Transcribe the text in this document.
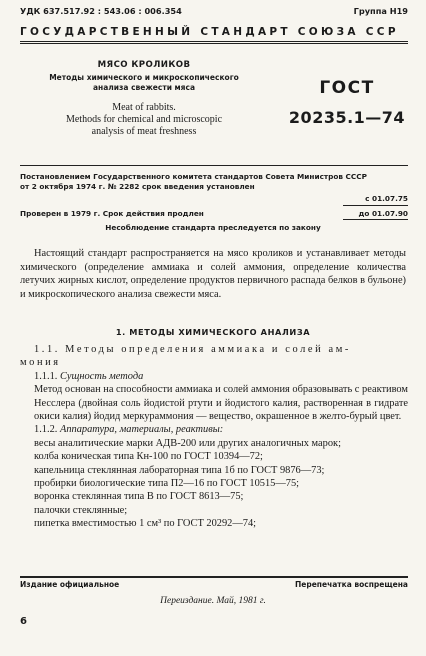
УДК 637.517.92 : 543.06 : 006.354	Группа Н19
ГОСУДАРСТВЕННЫЙ СТАНДАРТ СОЮЗА ССР
МЯСО КРОЛИКОВ
Методы химического и микроскопического
анализа свежести мяса
Meat of rabbits.
Methods for chemical and microscopic
analysis of meat freshness
ГОСТ
20235.1—74
Постановлением Государственного комитета стандартов Совета Министров СССР
от 2 октября 1974 г. № 2282 срок введения установлен
с 01.07.75
Проверен в 1979 г. Срок действия продлен	до 01.07.90
Несоблюдение стандарта преследуется по закону
Настоящий стандарт распространяется на мясо кроликов и устанавливает методы химического (определение аммиака и солей аммония, определение количества летучих жирных кислот, определение продуктов первичного распада белков в бульоне) и микроскопического анализа свежести мяса.
1. МЕТОДЫ ХИМИЧЕСКОГО АНАЛИЗА

1.1. Методы определения аммиака и солей ам-

мония

1.1.1. Сущность метода

Метод основан на способности аммиака и солей аммония образовывать с реактивом Несслера (двойная соль йодистой ртути и йодистого калия, растворенная в гидрате окиси калия) йодид меркураммония — вещество, окрашенное в желто-бурый цвет.

1.1.2. Аппаратура, материалы, реактивы:

весы аналитические марки АДВ-200 или других аналогичных марок;

колба коническая типа Кн-100 по ГОСТ 10394—72;

капельница стеклянная лабораторная типа 1б по ГОСТ 9876—73;

пробирки биологические типа П2—16 по ГОСТ 10515—75;

воронка стеклянная типа В по ГОСТ 8613—75;

палочки стеклянные;

пипетка вместимостью 1 см³ по ГОСТ 20292—74;

Издание официальное	Перепечатка воспрещена
Переиздание. Май, 1981 г.
6
